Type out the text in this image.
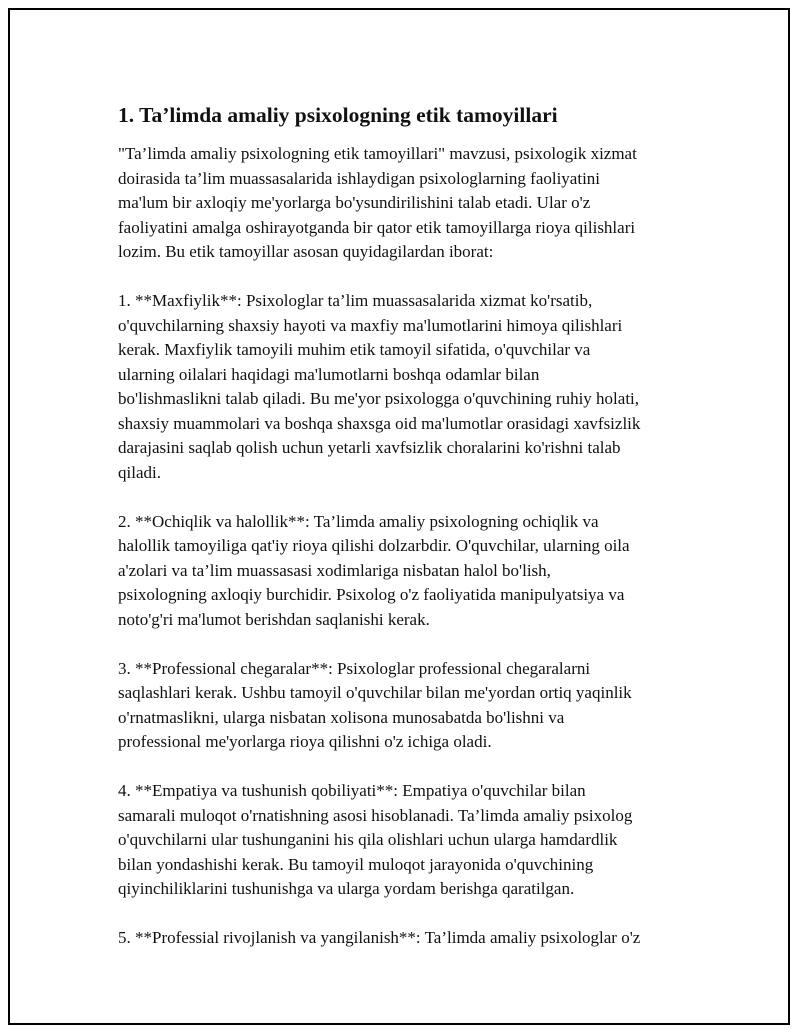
1. Ta’limda amaliy psixologning etik tamoyillari

"Ta’limda amaliy psixologning etik tamoyillari" mavzusi, psixologik xizmat
doirasida ta’lim muassasalarida ishlaydigan psixologlarning faoliyatini
ma'lum bir axloqiy me'yorlarga bo'ysundirilishini talab etadi. Ular o'z
faoliyatini amalga oshirayotganda bir qator etik tamoyillarga rioya qilishlari
lozim. Bu etik tamoyillar asosan quyidagilardan iborat:

1. **Maxfiylik**: Psixologlar ta’lim muassasalarida xizmat ko'rsatib,
o'quvchilarning shaxsiy hayoti va maxfiy ma'lumotlarini himoya qilishlari
kerak. Maxfiylik tamoyili muhim etik tamoyil sifatida, o'quvchilar va
ularning oilalari haqidagi ma'lumotlarni boshqa odamlar bilan
bo'lishmaslikni talab qiladi. Bu me'yor psixologga o'quvchining ruhiy holati,
shaxsiy muammolari va boshqa shaxsga oid ma'lumotlar orasidagi xavfsizlik
darajasini saqlab qolish uchun yetarli xavfsizlik choralarini ko'rishni talab
qiladi.

2. **Ochiqlik va halollik**: Ta’limda amaliy psixologning ochiqlik va
halollik tamoyiliga qat'iy rioya qilishi dolzarbdir. O'quvchilar, ularning oila
a'zolari va ta’lim muassasasi xodimlariga nisbatan halol bo'lish,
psixologning axloqiy burchidir. Psixolog o'z faoliyatida manipulyatsiya va
noto'g'ri ma'lumot berishdan saqlanishi kerak.

3. **Professional chegaralar**: Psixologlar professional chegaralarni
saqlashlari kerak. Ushbu tamoyil o'quvchilar bilan me'yordan ortiq yaqinlik
o'rnatmaslikni, ularga nisbatan xolisona munosabatda bo'lishni va
professional me'yorlarga rioya qilishni o'z ichiga oladi.

4. **Empatiya va tushunish qobiliyati**: Empatiya o'quvchilar bilan
samarali muloqot o'rnatishning asosi hisoblanadi. Ta’limda amaliy psixolog
o'quvchilarni ular tushunganini his qila olishlari uchun ularga hamdardlik
bilan yondashishi kerak. Bu tamoyil muloqot jarayonida o'quvchining
qiyinchiliklarini tushunishga va ularga yordam berishga qaratilgan.

5. **Professial rivojlanish va yangilanish**: Ta’limda amaliy psixologlar o'z
